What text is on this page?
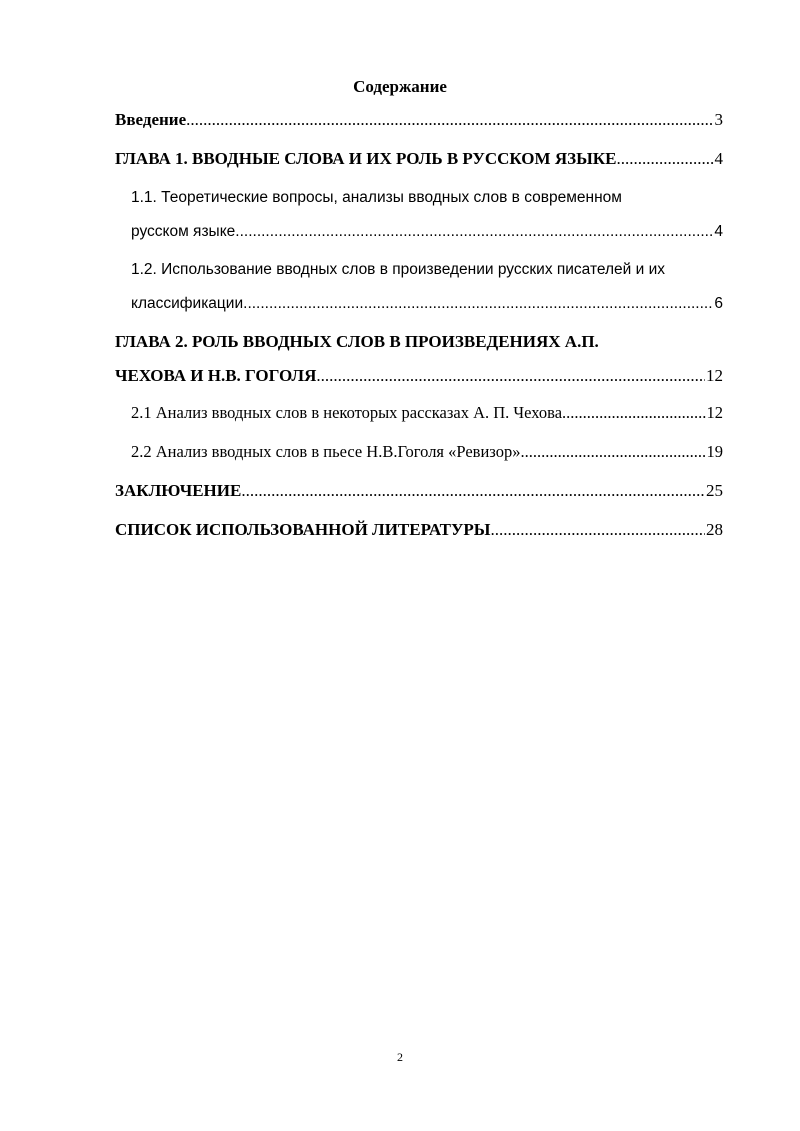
Содержание
Введение .....	3
ГЛАВА 1. ВВОДНЫЕ СЛОВА И ИХ РОЛЬ В РУССКОМ ЯЗЫКЕ .....	4
1.1. Теоретические вопросы, анализы вводных слов в современном
русском языке .....	4
1.2. Использование вводных слов в произведении русских писателей и их
классификации .....	6
ГЛАВА 2. РОЛЬ ВВОДНЫХ СЛОВ В ПРОИЗВЕДЕНИЯХ А.П.
ЧЕХОВА И Н.В. ГОГОЛЯ .....	12
2.1 Анализ вводных слов в некоторых рассказах А. П. Чехова .....	12
2.2 Анализ вводных слов в пьесе Н.В.Гоголя «Ревизор» .....	19
ЗАКЛЮЧЕНИЕ .....	25
СПИСОК ИСПОЛЬЗОВАННОЙ ЛИТЕРАТУРЫ .....	28
2
